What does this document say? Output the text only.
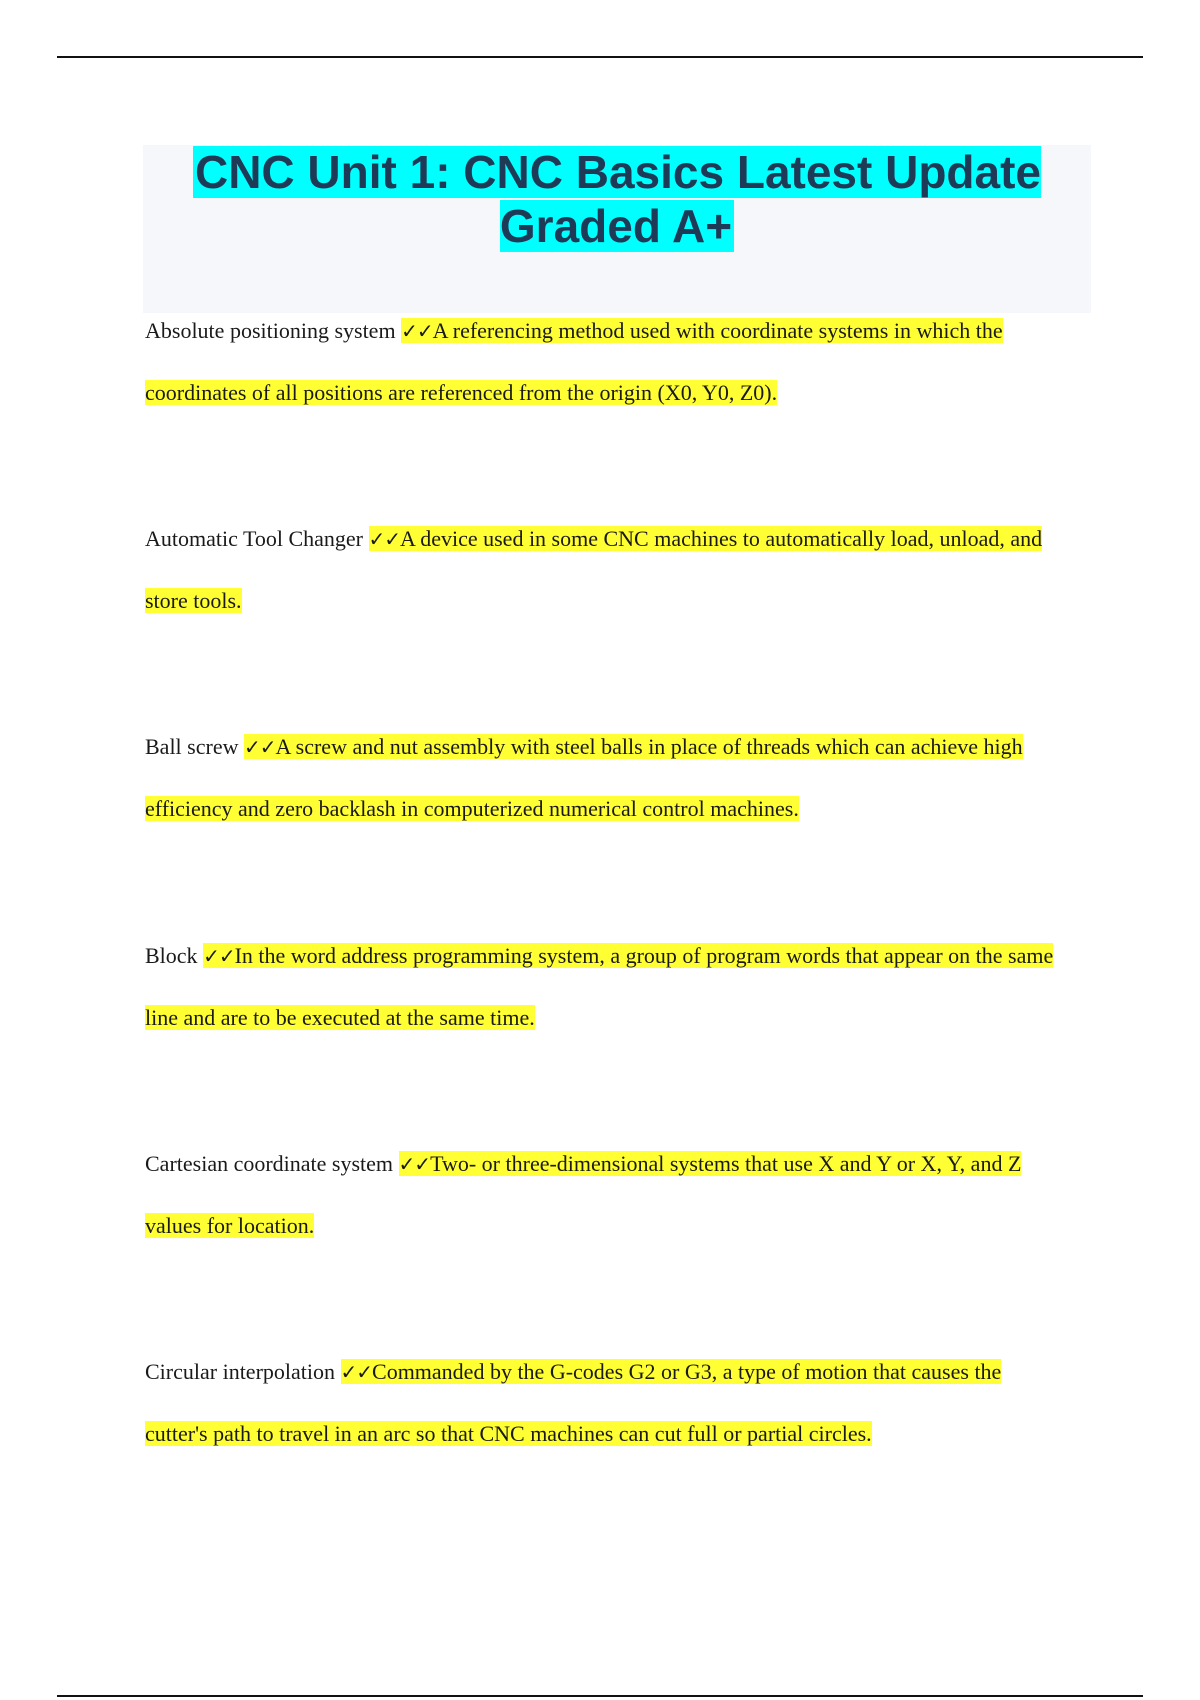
CNC Unit 1: CNC Basics Latest Update Graded A+

Absolute positioning system ✓✓A referencing method used with coordinate systems in which the coordinates of all positions are referenced from the origin (X0, Y0, Z0).

Automatic Tool Changer ✓✓A device used in some CNC machines to automatically load, unload, and store tools.

Ball screw ✓✓A screw and nut assembly with steel balls in place of threads which can achieve high efficiency and zero backlash in computerized numerical control machines.

Block ✓✓In the word address programming system, a group of program words that appear on the same line and are to be executed at the same time.

Cartesian coordinate system ✓✓Two- or three-dimensional systems that use X and Y or X, Y, and Z values for location.

Circular interpolation ✓✓Commanded by the G-codes G2 or G3, a type of motion that causes the cutter's path to travel in an arc so that CNC machines can cut full or partial circles.
